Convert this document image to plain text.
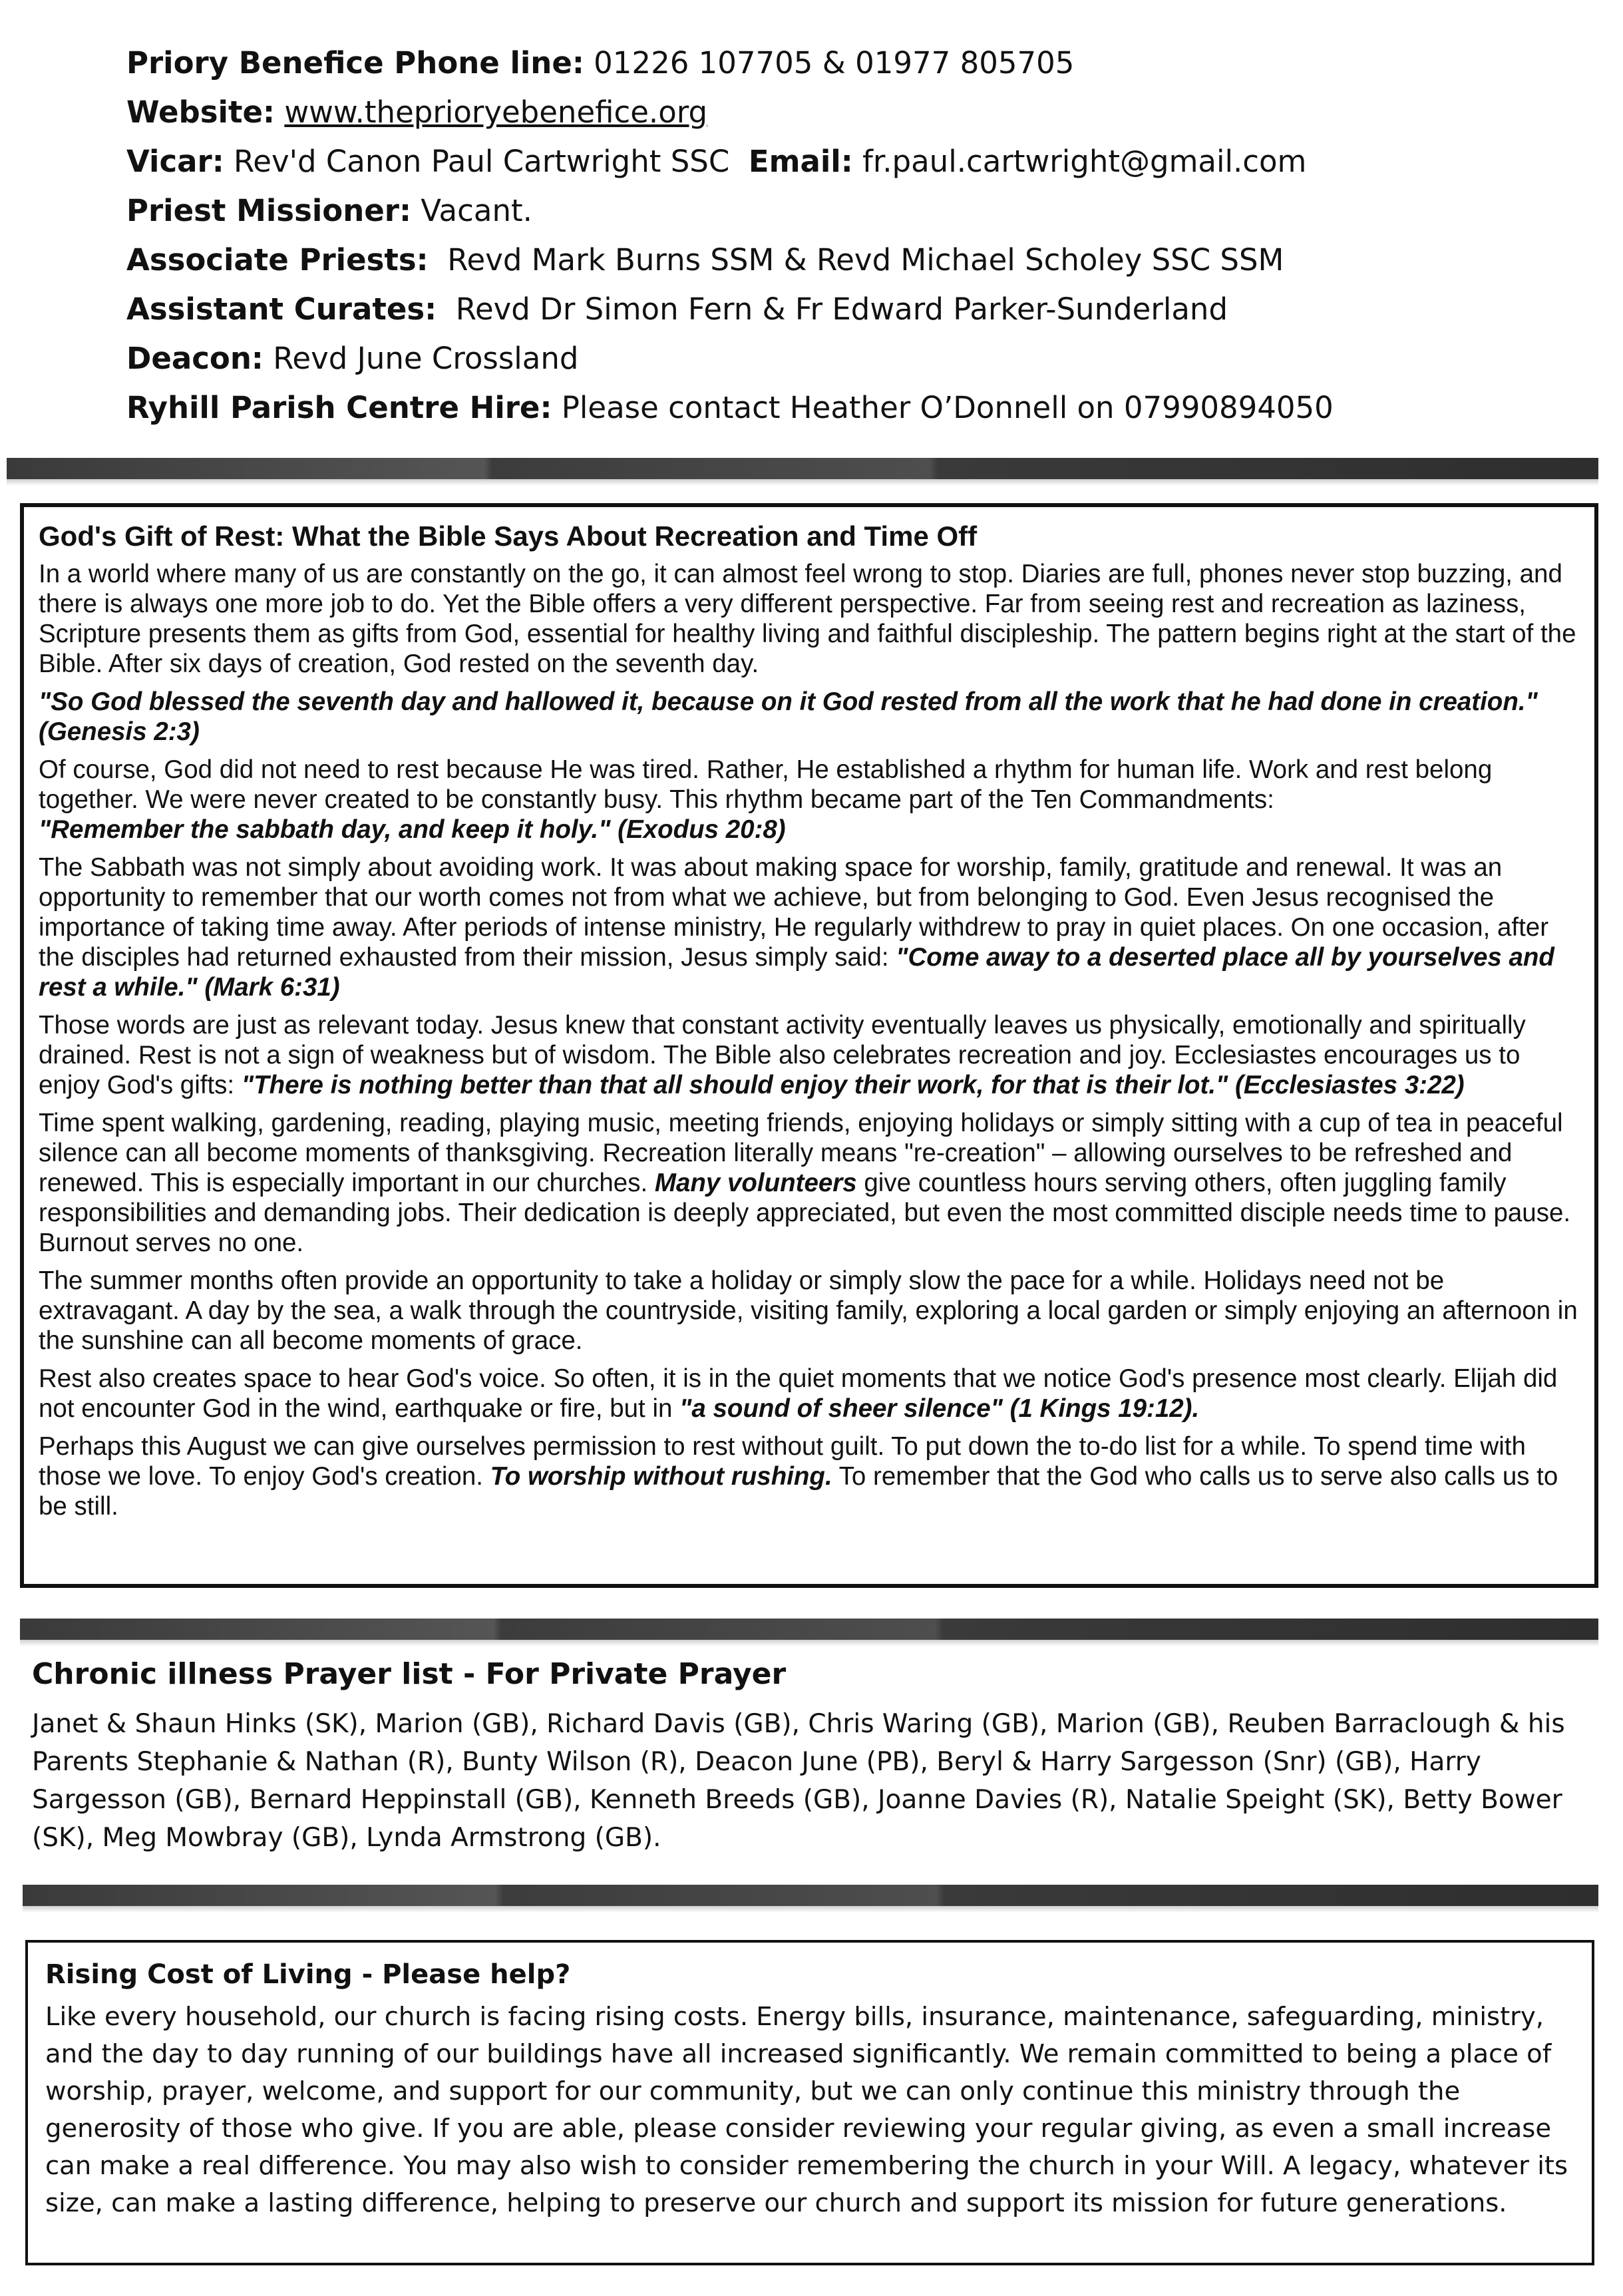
Priory Benefice Phone line: 01226 107705 & 01977 805705
Website: www.theprioryebenefice.org
Vicar: Rev'd Canon Paul Cartwright SSC Email: fr.paul.cartwright@gmail.com
Priest Missioner: Vacant.
Associate Priests: Revd Mark Burns SSM & Revd Michael Scholey SSC SSM
Assistant Curates: Revd Dr Simon Fern & Fr Edward Parker-Sunderland
Deacon: Revd June Crossland
Ryhill Parish Centre Hire: Please contact Heather O’Donnell on 07990894050
God's Gift of Rest: What the Bible Says About Recreation and Time Off

In a world where many of us are constantly on the go, it can almost feel wrong to stop. Diaries are full, phones never stop buzzing, and there is always one more job to do. Yet the Bible offers a very different perspective. Far from seeing rest and recreation as laziness, Scripture presents them as gifts from God, essential for healthy living and faithful discipleship. The pattern begins right at the start of the Bible. After six days of creation, God rested on the seventh day.

"So God blessed the seventh day and hallowed it, because on it God rested from all the work that he had done in creation." (Genesis 2:3)

Of course, God did not need to rest because He was tired. Rather, He established a rhythm for human life. Work and rest belong together. We were never created to be constantly busy. This rhythm became part of the Ten Commandments:
"Remember the sabbath day, and keep it holy." (Exodus 20:8)

The Sabbath was not simply about avoiding work. It was about making space for worship, family, gratitude and renewal. It was an opportunity to remember that our worth comes not from what we achieve, but from belonging to God. Even Jesus recognised the importance of taking time away. After periods of intense ministry, He regularly withdrew to pray in quiet places. On one occasion, after the disciples had returned exhausted from their mission, Jesus simply said: "Come away to a deserted place all by yourselves and rest a while." (Mark 6:31)

Those words are just as relevant today. Jesus knew that constant activity eventually leaves us physically, emotionally and spiritually drained. Rest is not a sign of weakness but of wisdom. The Bible also celebrates recreation and joy. Ecclesiastes encourages us to enjoy God's gifts: "There is nothing better than that all should enjoy their work, for that is their lot." (Ecclesiastes 3:22)

Time spent walking, gardening, reading, playing music, meeting friends, enjoying holidays or simply sitting with a cup of tea in peaceful silence can all become moments of thanksgiving. Recreation literally means "re-creation" – allowing ourselves to be refreshed and renewed. This is especially important in our churches. Many volunteers give countless hours serving others, often juggling family responsibilities and demanding jobs. Their dedication is deeply appreciated, but even the most committed disciple needs time to pause. Burnout serves no one.

The summer months often provide an opportunity to take a holiday or simply slow the pace for a while. Holidays need not be extravagant. A day by the sea, a walk through the countryside, visiting family, exploring a local garden or simply enjoying an afternoon in the sunshine can all become moments of grace.

Rest also creates space to hear God's voice. So often, it is in the quiet moments that we notice God's presence most clearly. Elijah did not encounter God in the wind, earthquake or fire, but in "a sound of sheer silence" (1 Kings 19:12).

Perhaps this August we can give ourselves permission to rest without guilt. To put down the to-do list for a while. To spend time with those we love. To enjoy God's creation. To worship without rushing. To remember that the God who calls us to serve also calls us to be still.

Chronic illness Prayer list - For Private Prayer

Janet & Shaun Hinks (SK), Marion (GB), Richard Davis (GB), Chris Waring (GB), Marion (GB), Reuben Barraclough & his Parents Stephanie & Nathan (R), Bunty Wilson (R), Deacon June (PB), Beryl & Harry Sargesson (Snr) (GB), Harry Sargesson (GB), Bernard Heppinstall (GB), Kenneth Breeds (GB), Joanne Davies (R), Natalie Speight (SK), Betty Bower (SK), Meg Mowbray (GB), Lynda Armstrong (GB).

Rising Cost of Living - Please help?

Like every household, our church is facing rising costs. Energy bills, insurance, maintenance, safeguarding, ministry, and the day to day running of our buildings have all increased significantly. We remain committed to being a place of worship, prayer, welcome, and support for our community, but we can only continue this ministry through the generosity of those who give. If you are able, please consider reviewing your regular giving, as even a small increase can make a real difference. You may also wish to consider remembering the church in your Will. A legacy, whatever its size, can make a lasting difference, helping to preserve our church and support its mission for future generations.
